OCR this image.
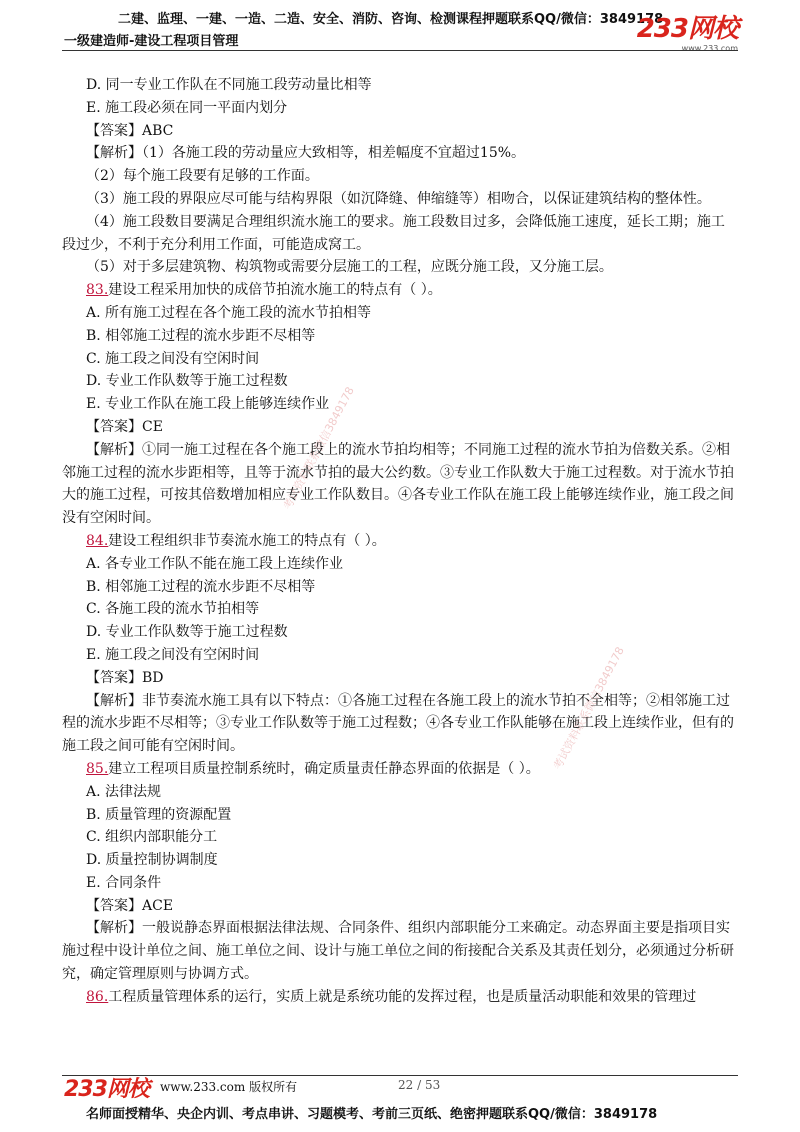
二建、监理、一建、一造、二造、安全、消防、咨询、检测课程押题联系QQ/微信：3849178
一级建造师-建设工程项目管理	233网校
www.233.com
考试资料联系微信3849178
考试资料联系微信3849178
D. 同一专业工作队在不同施工段劳动量比相等
E. 施工段必须在同一平面内划分
【答案】ABC
【解析】（1）各施工段的劳动量应大致相等，相差幅度不宜超过15%。
（2）每个施工段要有足够的工作面。
（3）施工段的界限应尽可能与结构界限（如沉降缝、伸缩缝等）相吻合，以保证建筑结构的整体性。
（4）施工段数目要满足合理组织流水施工的要求。施工段数目过多，会降低施工速度，延长工期；施工段过少，不利于充分利用工作面，可能造成窝工。
（5）对于多层建筑物、构筑物或需要分层施工的工程，应既分施工段，又分施工层。
83.建设工程采用加快的成倍节拍流水施工的特点有（ ）。
A. 所有施工过程在各个施工段的流水节拍相等
B. 相邻施工过程的流水步距不尽相等
C. 施工段之间没有空闲时间
D. 专业工作队数等于施工过程数
E. 专业工作队在施工段上能够连续作业
【答案】CE
【解析】①同一施工过程在各个施工段上的流水节拍均相等；不同施工过程的流水节拍为倍数关系。②相邻施工过程的流水步距相等，且等于流水节拍的最大公约数。③专业工作队数大于施工过程数。对于流水节拍大的施工过程，可按其倍数增加相应专业工作队数目。④各专业工作队在施工段上能够连续作业，施工段之间没有空闲时间。
84.建设工程组织非节奏流水施工的特点有（ ）。
A. 各专业工作队不能在施工段上连续作业
B. 相邻施工过程的流水步距不尽相等
C. 各施工段的流水节拍相等
D. 专业工作队数等于施工过程数
E. 施工段之间没有空闲时间
【答案】BD
【解析】非节奏流水施工具有以下特点：①各施工过程在各施工段上的流水节拍不全相等；②相邻施工过程的流水步距不尽相等；③专业工作队数等于施工过程数；④各专业工作队能够在施工段上连续作业，但有的施工段之间可能有空闲时间。
85.建立工程项目质量控制系统时，确定质量责任静态界面的依据是（ ）。
A. 法律法规
B. 质量管理的资源配置
C. 组织内部职能分工
D. 质量控制协调制度
E. 合同条件
【答案】ACE
【解析】一般说静态界面根据法律法规、合同条件、组织内部职能分工来确定。动态界面主要是指项目实施过程中设计单位之间、施工单位之间、设计与施工单位之间的衔接配合关系及其责任划分，必须通过分析研究，确定管理原则与协调方式。
86.工程质量管理体系的运行，实质上就是系统功能的发挥过程，也是质量活动职能和效果的管理过
233网校 www.233.com 版权所有	22 / 53
名师面授精华、央企内训、考点串讲、习题模考、考前三页纸、绝密押题联系QQ/微信：3849178
